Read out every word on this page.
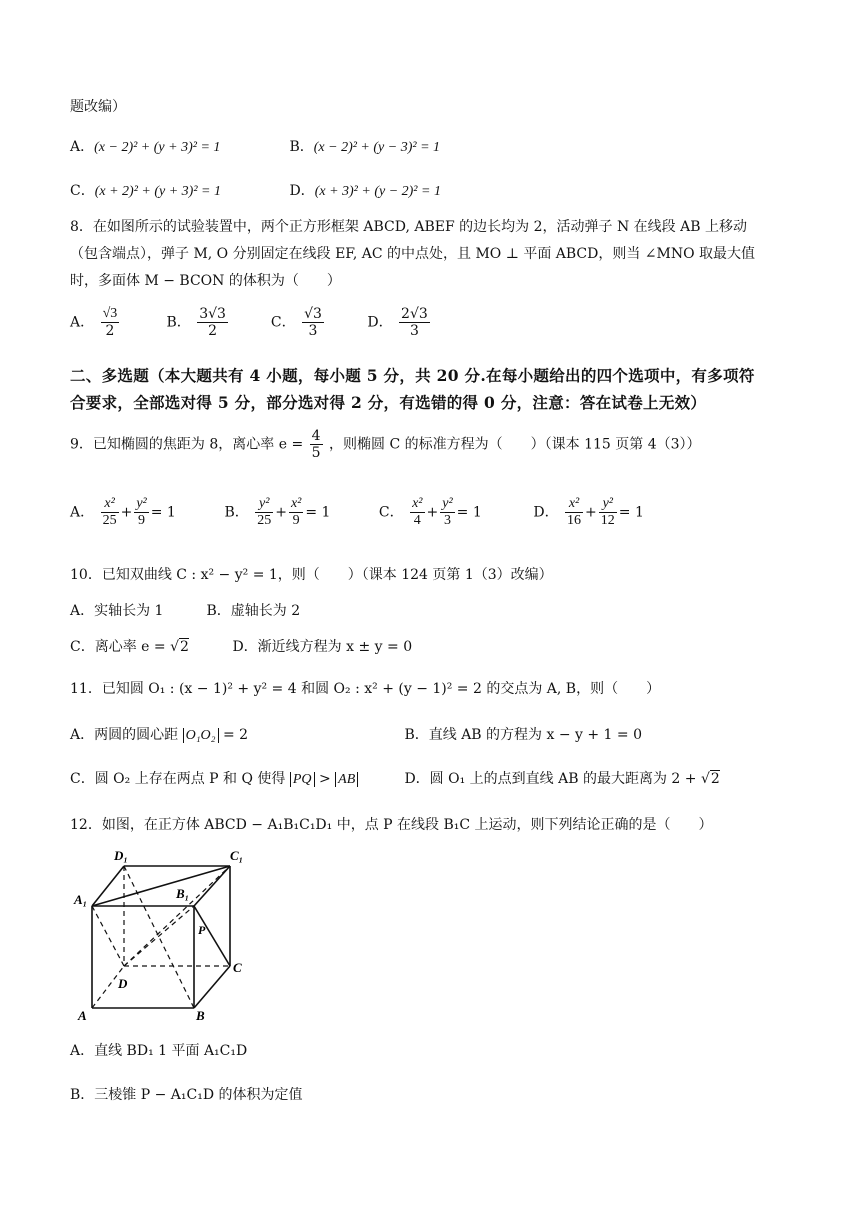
题改编）
A．(x − 2)² + (y + 3)² = 1	B．(x − 2)² + (y − 3)² = 1
C．(x + 2)² + (y + 3)² = 1	D．(x + 3)² + (y − 2)² = 1
8．在如图所示的试验装置中，两个正方形框架 ABCD, ABEF 的边长均为 2，活动弹子 N 在线段 AB 上移动
（包含端点），弹子 M, O 分别固定在线段 EF, AC 的中点处，且 MO ⊥ 平面 ABCD，则当 ∠MNO 取最大值
时，多面体 M − BCON 的体积为（　　）
A． $\frac{√3}{2}$	B． $\frac{3√3}{2}$	C． $\frac{√3}{3}$	D． $\frac{2√3}{3}$
二、多选题（本大题共有 4 小题，每小题 5 分，共 20 分.在每小题给出的四个选项中，有多项符
合要求，全部选对得 5 分，部分选对得 2 分，有选错的得 0 分，注意：答在试卷上无效）
9．已知椭圆的焦距为 8，离心率 $e = \frac{4}{5}$ ，则椭圆 C 的标准方程为（　　）（课本 115 页第 4（3））
A． $\frac{\text{x²}}{25} + \frac{\text{y²}}{9} = 1$	B． $\frac{\text{y²}}{25} + \frac{\text{x²}}{9} = 1$	C． $\frac{\text{x²}}{4} + \frac{\text{y²}}{3} = 1$	D． $\frac{\text{x²}}{16} + \frac{\text{y²}}{12} = 1$
10．已知双曲线 C : x² − y² = 1，则（　　）（课本 124 页第 1（3）改编）
A．实轴长为 1	B．虚轴长为 2
C．离心率 e = √2	D．渐近线方程为 x ± y = 0
11．已知圆 O₁ : (x − 1)² + y² = 4 和圆 O₂ : x² + (y − 1)² = 2 的交点为 A, B，则（　　）
A．两圆的圆心距 O₁O₂ = 2	B．直线 AB 的方程为 x − y + 1 = 0
C．圆 O₂ 上存在两点 P 和 Q 使得 PQ > AB	D．圆 O₁ 上的点到直线 AB 的最大距离为 2 + √2
12．如图，在正方体 ABCD − A₁B₁C₁D₁ 中，点 P 在线段 B₁C 上运动，则下列结论正确的是（　　）
D₁	C₁
A₁	B₁
P
D
C
A	B
A．直线 BD₁ 1 平面 A₁C₁D
B．三棱锥 P − A₁C₁D 的体积为定值
